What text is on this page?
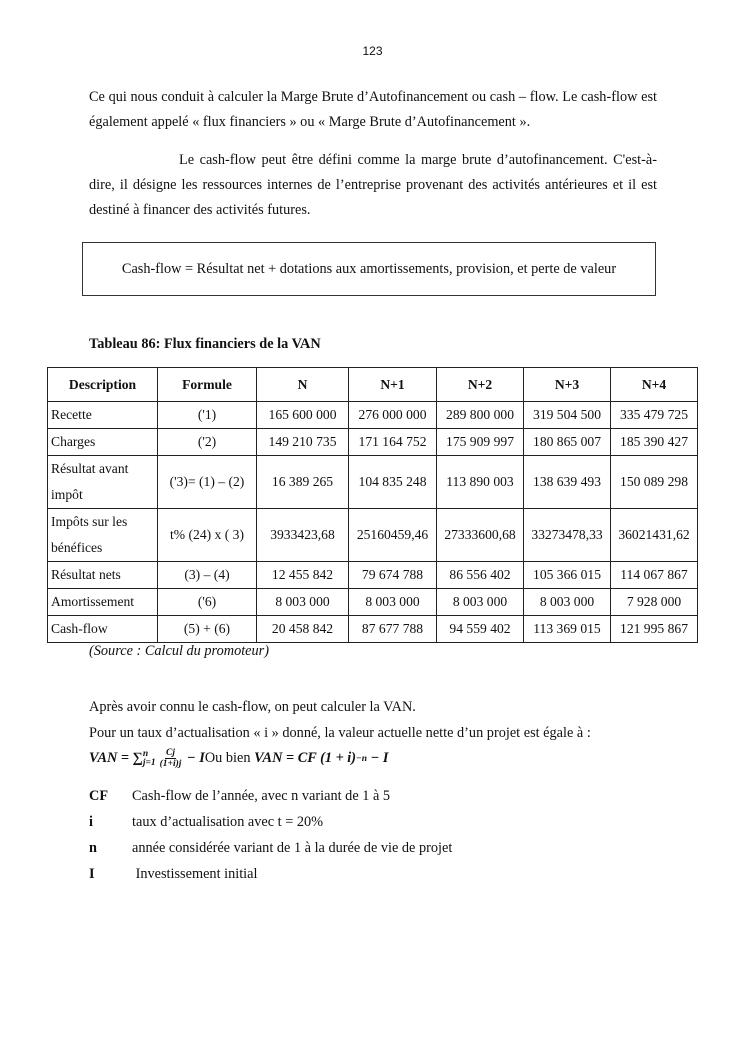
123

Ce qui nous conduit à calculer la Marge Brute d’Autofinancement ou cash – flow. Le cash-flow est également appelé « flux financiers » ou « Marge Brute d’Autofinancement ».

Le cash-flow peut être défini comme la marge brute d’autofinancement. C'est-à-dire, il désigne les ressources internes de l’entreprise provenant des activités antérieures et il est destiné à financer des activités futures.

Cash-flow = Résultat net + dotations aux amortissements, provision, et perte de valeur
Tableau 86: Flux financiers de la VAN
Description	Formule	N	N+1	N+2	N+3	N+4
Recette	('1)	165 600 000	276 000 000	289 800 000	319 504 500	335 479 725
Charges	('2)	149 210 735	171 164 752	175 909 997	180 865 007	185 390 427
Résultat avant impôt	('3)= (1) – (2)	16 389 265	104 835 248	113 890 003	138 639 493	150 089 298
Impôts sur les bénéfices	t% (24) x ( 3)	3933423,68	25160459,46	27333600,68	33273478,33	36021431,62
Résultat nets	(3) – (4)	12 455 842	79 674 788	86 556 402	105 366 015	114 067 867
Amortissement	('6)	8 003 000	8 003 000	8 003 000	8 003 000	7 928 000
Cash-flow	(5) + (6)	20 458 842	87 677 788	94 559 402	113 369 015	121 995 867
(Source : Calcul du promoteur)

Après avoir connu le cash-flow, on peut calculer la VAN.

Pour un taux d’actualisation « i » donné, la valeur actuelle nette d’un projet est égale à :

VAN = ∑ n
$j=1 \frac{Cj}{(1+i)j} - I$ Ou bien VAN = CF (1 + i) −n − I
CF	Cash-flow de l’année, avec n variant de 1 à 5
i	taux d’actualisation avec t = 20%
n	année considérée variant de 1 à la durée de vie de projet
I	Investissement initial
